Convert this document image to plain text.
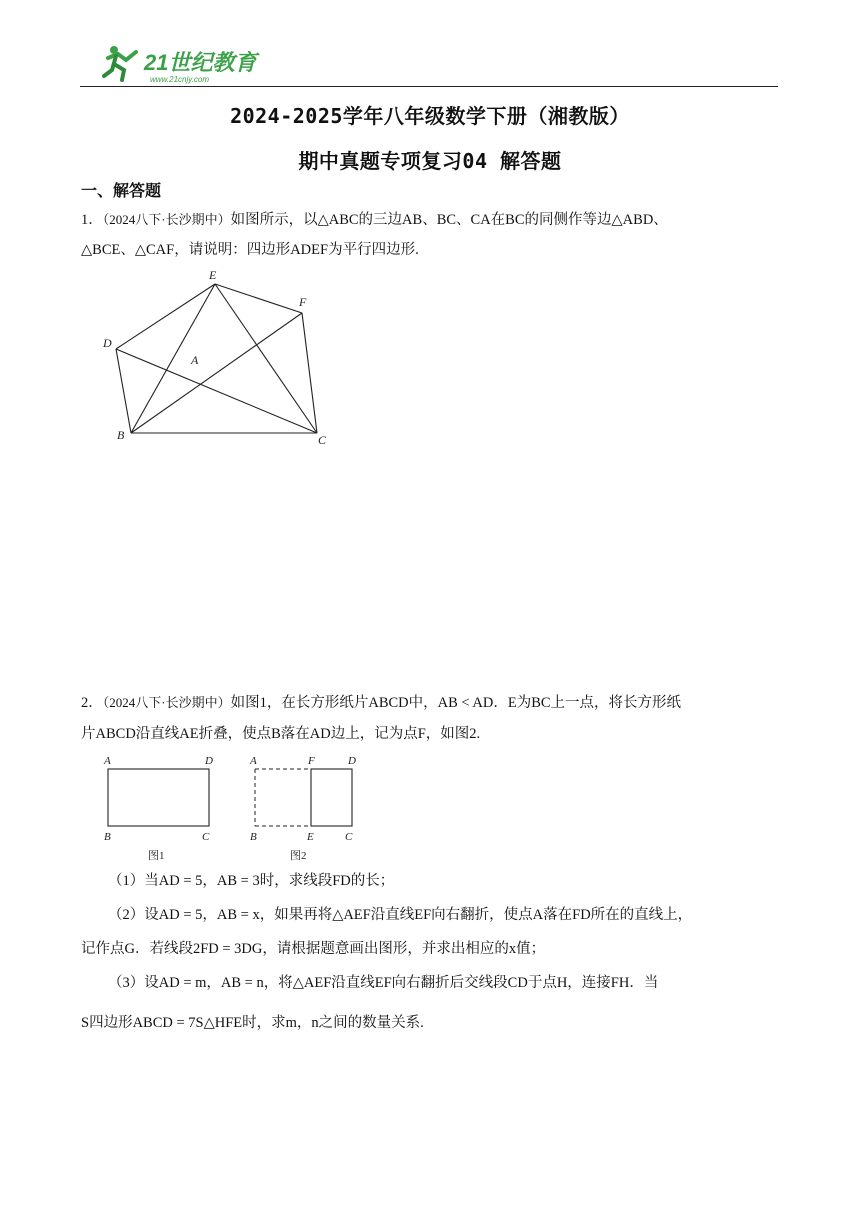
21世纪教育
www.21cnjy.com
2024-2025学年八年级数学下册（湘教版）
期中真题专项复习04 解答题
一、解答题
1．（2024八下·长沙期中）如图所示，以△ABC的三边AB、BC、CA在BC的同侧作等边△ABD、
△BCE、△CAF，请说明：四边形ADEF为平行四边形.
E
F
D
A
B	C
2．（2024八下·长沙期中）如图1，在长方形纸片ABCD中，AB < AD．E为BC上一点，将长方形纸
片ABCD沿直线AE折叠，使点B落在AD边上，记为点F，如图2.
A	D
B	C
图1
A	F	D
B	E	C
图2
（1）当AD = 5，AB = 3时，求线段FD的长；
（2）设AD = 5，AB = x，如果再将△AEF沿直线EF向右翻折，使点A落在FD所在的直线上，
记作点G．若线段2FD = 3DG，请根据题意画出图形，并求出相应的x值；
（3）设AD = m，AB = n，将△AEF沿直线EF向右翻折后交线段CD于点H，连接FH．当
S四边形ABCD = 7S△HFE时，求m，n之间的数量关系.
